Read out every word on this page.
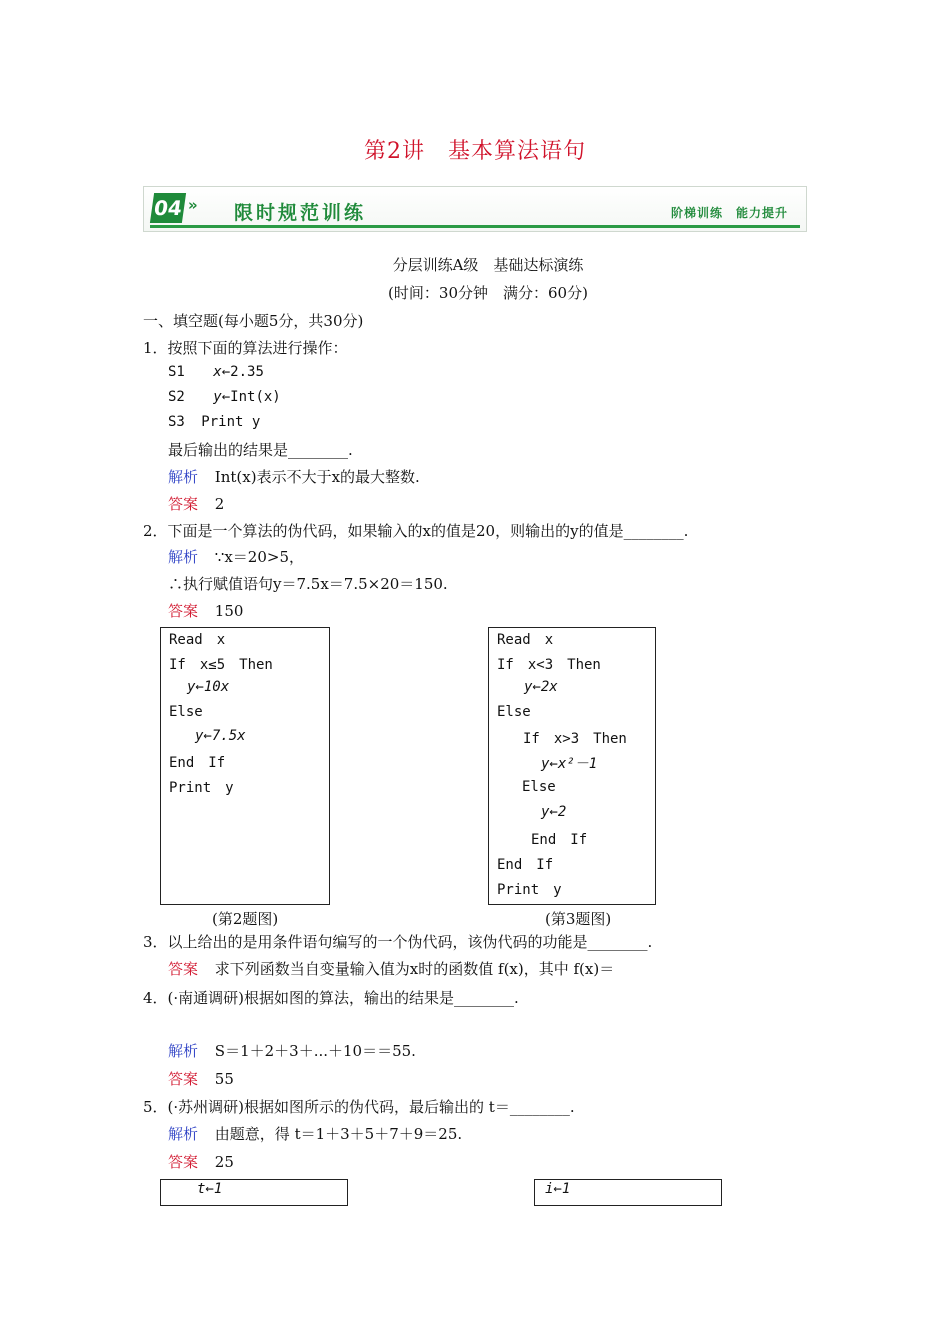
第2讲　基本算法语句
04 » 限时规范训练	阶梯训练　能力提升
分层训练A级　基础达标演练
(时间：30分钟　满分：60分)
一、填空题(每小题5分，共30分)
1．按照下面的算法进行操作：
S1 x←2.35
S2 y←Int(x)
S3 Print y
最后输出的结果是________.
解析 Int(x)表示不大于x的最大整数.
答案 2
2．下面是一个算法的伪代码，如果输入的x的值是20，则输出的y的值是________.
解析 ∵x＝20>5，
∴执行赋值语句y＝7.5x＝7.5×20＝150.
答案 150
Read　x
If　x≤5　Then
y←10x
Else
y←7.5x
End　If
Print　y
(第2题图)
Read　x
If　x<3　Then
y←2x
Else
If　x>3　Then
y←x²－1
Else
y←2
End　If
End　If
Print　y
(第3题图)
3．以上给出的是用条件语句编写的一个伪代码，该伪代码的功能是________.
答案 求下列函数当自变量输入值为x时的函数值 f(x)，其中 f(x)＝
4．(·南通调研)根据如图的算法，输出的结果是________.
解析 S＝1＋2＋3＋...＋10＝＝55.
答案 55
5．(·苏州调研)根据如图所示的伪代码，最后输出的 t＝________.
解析 由题意，得 t＝1＋3＋5＋7＋9＝25.
答案 25
t←1	i←1
